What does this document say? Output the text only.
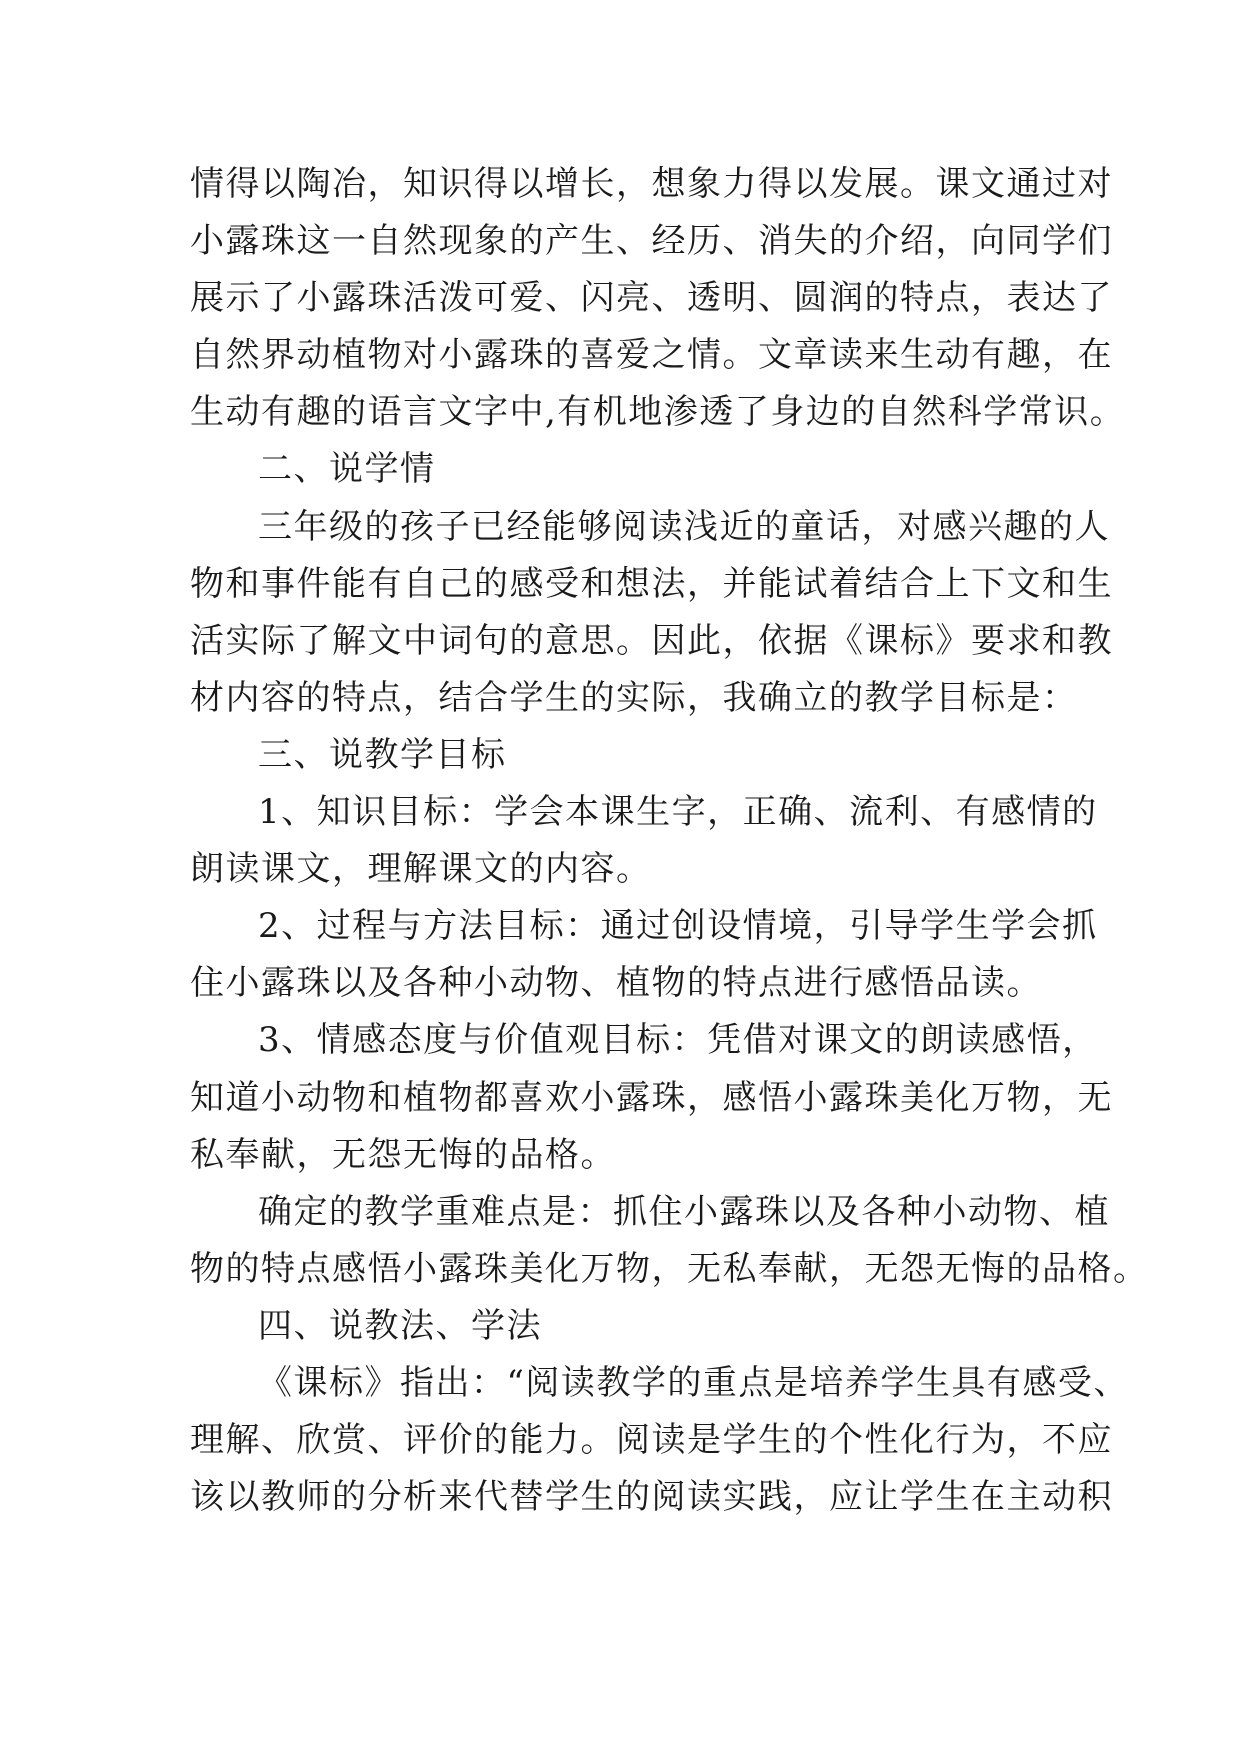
情得以陶冶，知识得以增长，想象力得以发展。课文通过对
小露珠这一自然现象的产生、经历、消失的介绍，向同学们
展示了小露珠活泼可爱、闪亮、透明、圆润的特点，表达了
自然界动植物对小露珠的喜爱之情。文章读来生动有趣，在
生动有趣的语言文字中,有机地渗透了身边的自然科学常识。
二、说学情
三年级的孩子已经能够阅读浅近的童话，对感兴趣的人
物和事件能有自己的感受和想法，并能试着结合上下文和生
活实际了解文中词句的意思。因此，依据《课标》要求和教
材内容的特点，结合学生的实际，我确立的教学目标是：
三、说教学目标
1、知识目标：学会本课生字，正确、流利、有感情的
朗读课文，理解课文的内容。
2、过程与方法目标：通过创设情境，引导学生学会抓
住小露珠以及各种小动物、植物的特点进行感悟品读。
3、情感态度与价值观目标：凭借对课文的朗读感悟，
知道小动物和植物都喜欢小露珠，感悟小露珠美化万物，无
私奉献，无怨无悔的品格。
确定的教学重难点是：抓住小露珠以及各种小动物、植
物的特点感悟小露珠美化万物，无私奉献，无怨无悔的品格。
四、说教法、学法
《课标》指出：“阅读教学的重点是培养学生具有感受、
理解、欣赏、评价的能力。阅读是学生的个性化行为，不应
该以教师的分析来代替学生的阅读实践，应让学生在主动积
